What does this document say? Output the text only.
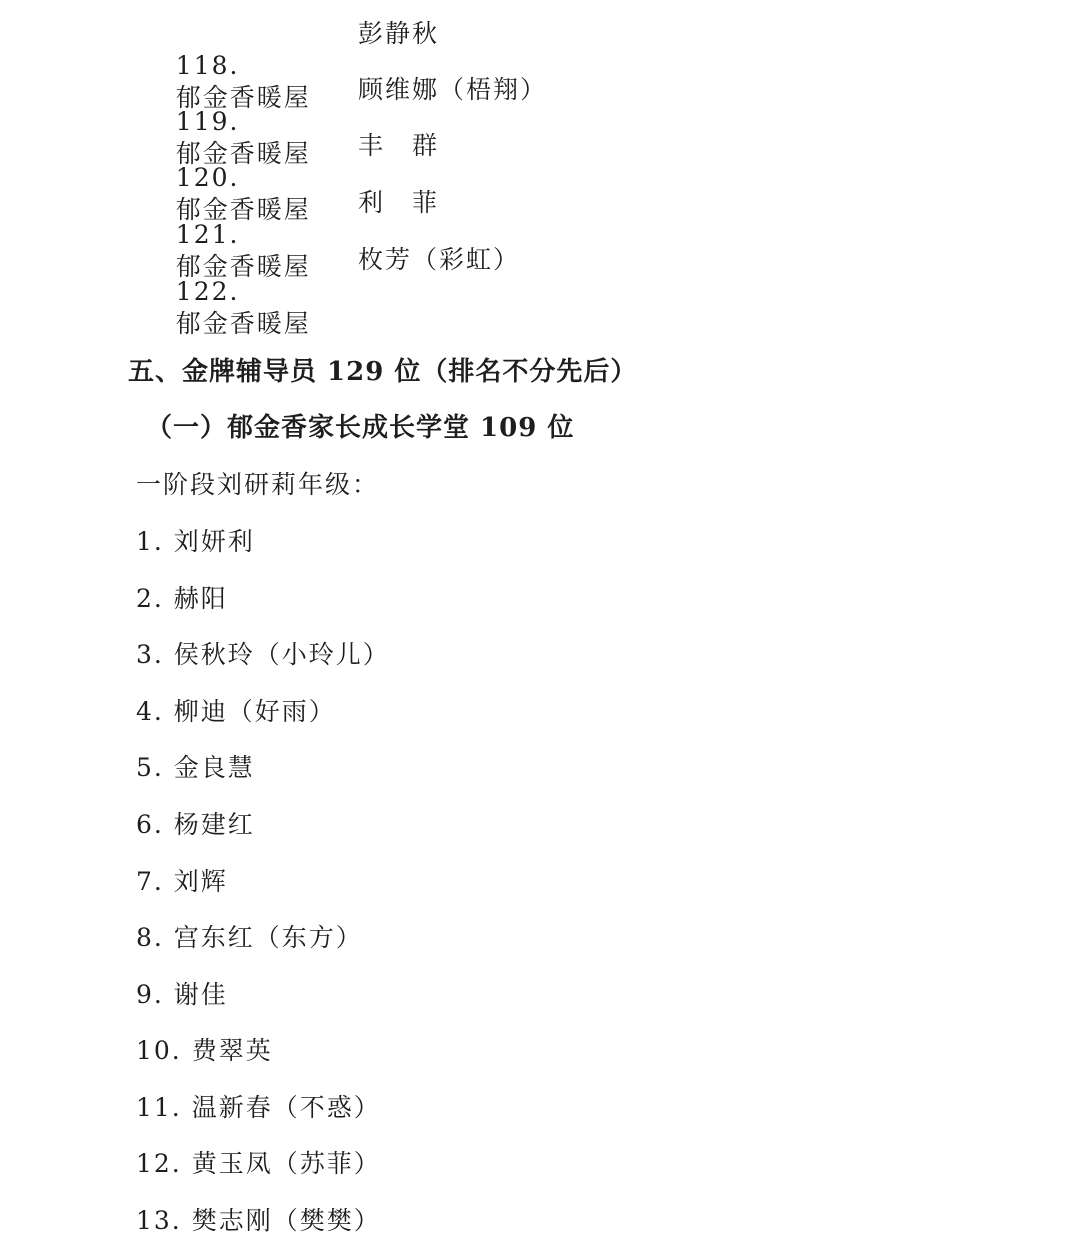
118.
郁金香暖屋

彭静秋

119.
郁金香暖屋

顾维娜（梧翔）

120.
郁金香暖屋

丰　群

121.
郁金香暖屋

利　菲

122.
郁金香暖屋

枚芳（彩虹）

五、金牌辅导员 129 位（排名不分先后）
（一）郁金香家长成长学堂 109 位
一阶段刘研莉年级：
1. 刘妍利
2. 赫阳
3. 侯秋玲（小玲儿）
4. 柳迪（好雨）
5. 金良慧
6. 杨建红
7. 刘辉
8. 宫东红（东方）
9. 谢佳
10. 费翠英
11. 温新春（不惑）
12. 黄玉凤（苏菲）
13. 樊志刚（樊樊）
